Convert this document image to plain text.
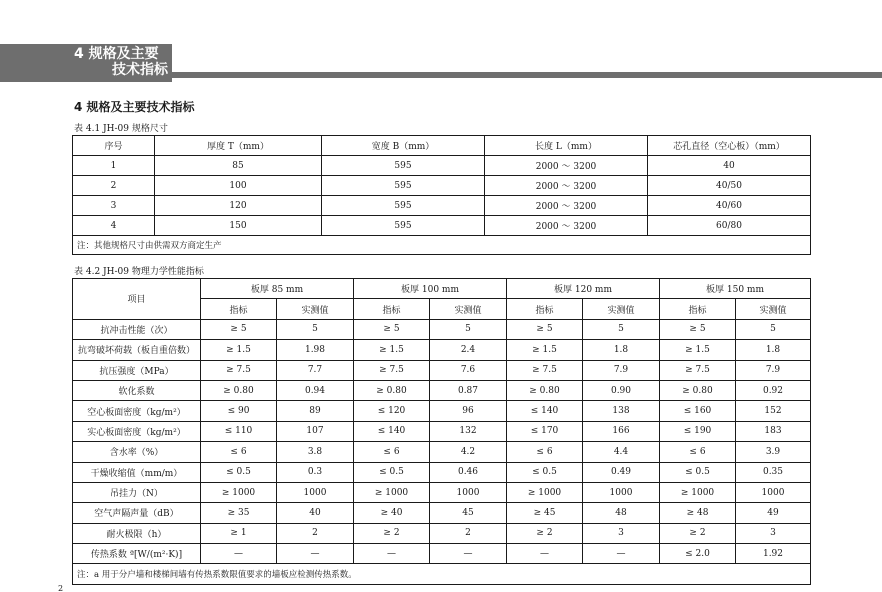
4 规格及主要
技术指标
4 规格及主要技术指标
表 4.1 JH-09 规格尺寸
序号	厚度 T（mm）	宽度 B（mm）	长度 L（mm）	芯孔直径（空心板）（mm）
1	85	595	2000 ～ 3200	40
2	100	595	2000 ～ 3200	40/50
3	120	595	2000 ～ 3200	40/60
4	150	595	2000 ～ 3200	60/80
注：其他规格尺寸由供需双方商定生产				
表 4.2 JH-09 物理力学性能指标
项目	板厚 85 mm		板厚 100 mm		板厚 120 mm		板厚 150 mm	
	指标	实测值	指标	实测值	指标	实测值	指标	实测值
抗冲击性能（次）	≥ 5	5	≥ 5	5	≥ 5	5	≥ 5	5
抗弯破坏荷载（板自重倍数）	≥ 1.5	1.98	≥ 1.5	2.4	≥ 1.5	1.8	≥ 1.5	1.8
抗压强度（MPa）	≥ 7.5	7.7	≥ 7.5	7.6	≥ 7.5	7.9	≥ 7.5	7.9
软化系数	≥ 0.80	0.94	≥ 0.80	0.87	≥ 0.80	0.90	≥ 0.80	0.92
空心板面密度（kg/m²）	≤ 90	89	≤ 120	96	≤ 140	138	≤ 160	152
实心板面密度（kg/m²）	≤ 110	107	≤ 140	132	≤ 170	166	≤ 190	183
含水率（%）	≤ 6	3.8	≤ 6	4.2	≤ 6	4.4	≤ 6	3.9
干燥收缩值（mm/m）	≤ 0.5	0.3	≤ 0.5	0.46	≤ 0.5	0.49	≤ 0.5	0.35
吊挂力（N）	≥ 1000	1000	≥ 1000	1000	≥ 1000	1000	≥ 1000	1000
空气声隔声量（dB）	≥ 35	40	≥ 40	45	≥ 45	48	≥ 48	49
耐火极限（h）	≥ 1	2	≥ 2	2	≥ 2	3	≥ 2	3
传热系数 ª[W/(m²·K)]	—	—	—	—	—	—	≤ 2.0	1.92
注：a 用于分户墙和楼梯间墙有传热系数限值要求的墙板应检测传热系数。								
2
